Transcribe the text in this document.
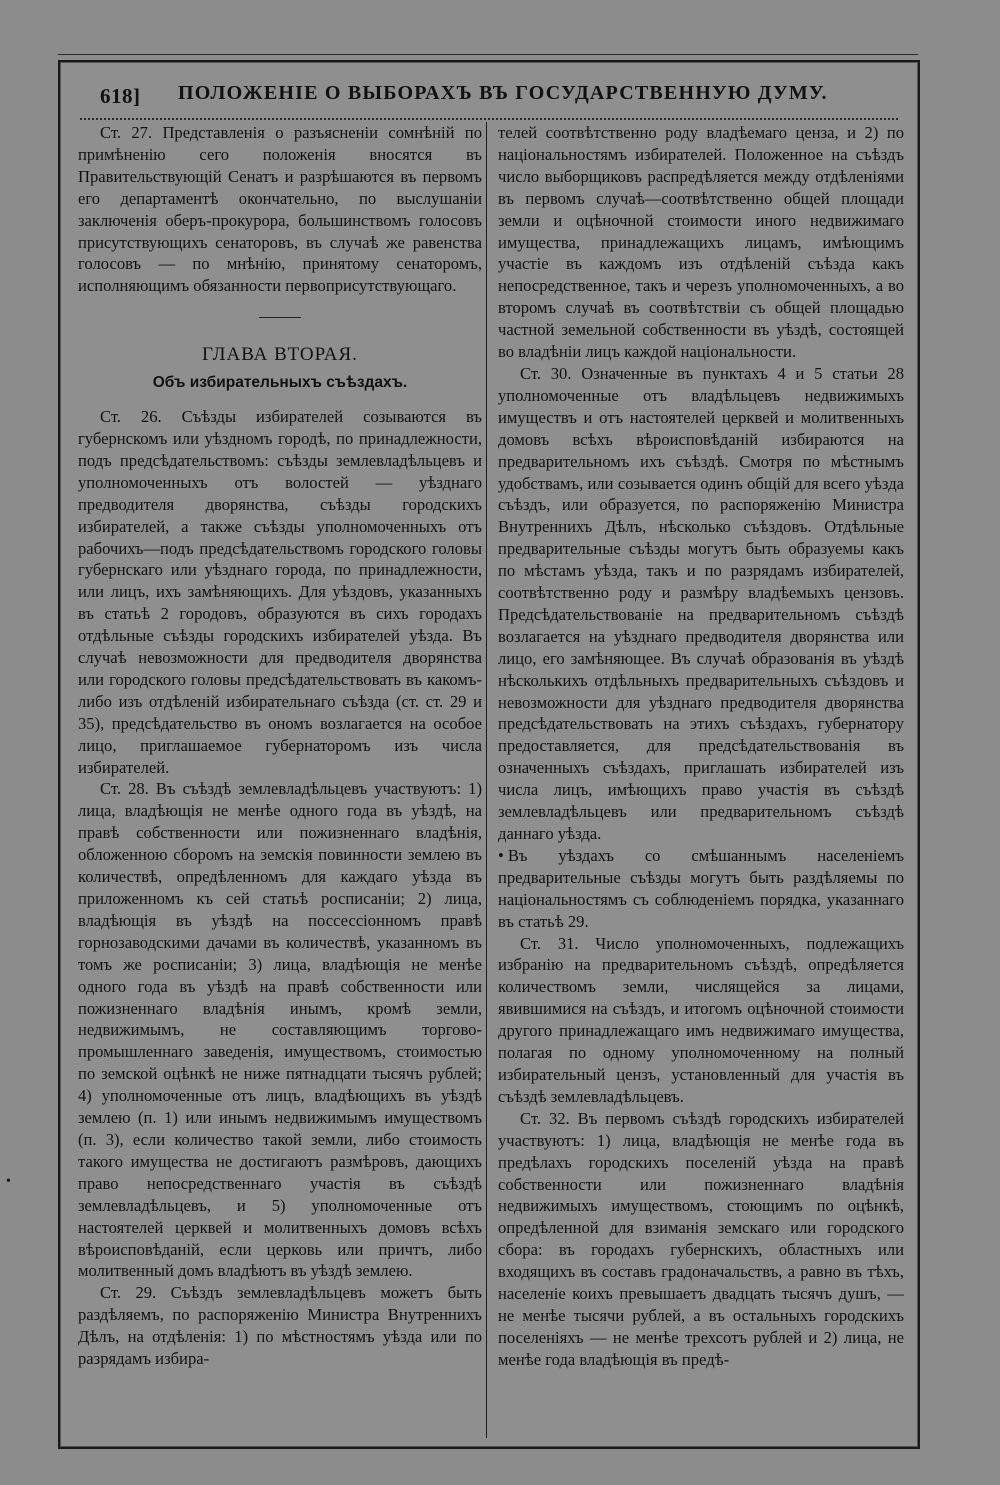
618] ПОЛОЖЕНІЕ О ВЫБОРАХЪ ВЪ ГОСУДАРСТВЕННУЮ ДУМУ.

Ст. 27. Представленія о разъясненіи сомнѣній по примѣненію сего положенія вносятся въ Правительствующій Сенатъ и разрѣшаются въ первомъ его департаментѣ окончательно, по выслушаніи заключенія оберъ-прокурора, большинствомъ голосовъ присутствующихъ сенаторовъ, въ случаѣ же равенства голосовъ — по мнѣнію, принятому сенаторомъ, исполняющимъ обязанности первоприсутствующаго.

ГЛАВА ВТОРАЯ.
Объ избирательныхъ съѣздахъ.

Ст. 26. Съѣзды избирателей созываются въ губернскомъ или уѣздномъ городѣ, по принадлежности, подъ предсѣдательствомъ: съѣзды землевладѣльцевъ и уполномоченныхъ отъ волостей — уѣзднаго предводителя дворянства, съѣзды городскихъ избирателей, а также съѣзды уполномоченныхъ отъ рабочихъ—подъ предсѣдательствомъ городского головы губернскаго или уѣзднаго города, по принадлежности, или лицъ, ихъ замѣняющихъ. Для уѣздовъ, указанныхъ въ статьѣ 2 городовъ, образуются въ сихъ городахъ отдѣльные съѣзды городскихъ избирателей уѣзда. Въ случаѣ невозможности для предводителя дворянства или городского головы предсѣдательствовать въ какомъ-либо изъ отдѣленій избирательнаго съѣзда (ст. ст. 29 и 35), предсѣдательство въ ономъ возлагается на особое лицо, приглашаемое губернаторомъ изъ числа избирателей.

Ст. 28. Въ съѣздѣ землевладѣльцевъ участвуютъ: 1) лица, владѣющія не менѣе одного года въ уѣздѣ, на правѣ собственности или пожизненнаго владѣнія, обложенною сборомъ на земскія повинности землею въ количествѣ, опредѣленномъ для каждаго уѣзда въ приложенномъ къ сей статьѣ росписаніи; 2) лица, владѣющія въ уѣздѣ на поссессіонномъ правѣ горнозаводскими дачами въ количествѣ, указанномъ въ томъ же росписаніи; 3) лица, владѣющія не менѣе одного года въ уѣздѣ на правѣ собственности или пожизненнаго владѣнія инымъ, кромѣ земли, недвижимымъ, не составляющимъ торгово-промышленнаго заведенія, имуществомъ, стоимостью по земской оцѣнкѣ не ниже пятнадцати тысячъ рублей; 4) уполномоченные отъ лицъ, владѣющихъ въ уѣздѣ землею (п. 1) или инымъ недвижимымъ имуществомъ (п. 3), если количество такой земли, либо стоимость такого имущества не достигаютъ размѣровъ, дающихъ право непосредственнаго участія въ съѣздѣ землевладѣльцевъ, и 5) уполномоченные отъ настоятелей церквей и молитвенныхъ домовъ всѣхъ вѣроисповѣданій, если церковь или причтъ, либо молитвенный домъ владѣютъ въ уѣздѣ землею.

Ст. 29. Съѣздъ землевладѣльцевъ можетъ быть раздѣляемъ, по распоряженію Министра Внутреннихъ Дѣлъ, на отдѣленія: 1) по мѣстностямъ уѣзда или по разрядамъ избира-

телей соотвѣтственно роду владѣемаго ценза, и 2) по національностямъ избирателей. Положенное на съѣздъ число выборщиковъ распредѣляется между отдѣленіями въ первомъ случаѣ—соотвѣтственно общей площади земли и оцѣночной стоимости иного недвижимаго имущества, принадлежащихъ лицамъ, имѣющимъ участіе въ каждомъ изъ отдѣленій съѣзда какъ непосредственное, такъ и черезъ уполномоченныхъ, а во второмъ случаѣ въ соотвѣтствіи съ общей площадью частной земельной собственности въ уѣздѣ, состоящей во владѣніи лицъ каждой національности.

Ст. 30. Означенные въ пунктахъ 4 и 5 статьи 28 уполномоченные отъ владѣльцевъ недвижимыхъ имуществъ и отъ настоятелей церквей и молитвенныхъ домовъ всѣхъ вѣроисповѣданій избираются на предварительномъ ихъ съѣздѣ. Смотря по мѣстнымъ удобствамъ, или созывается одинъ общій для всего уѣзда съѣздъ, или образуется, по распоряженію Министра Внутреннихъ Дѣлъ, нѣсколько съѣздовъ. Отдѣльные предварительные съѣзды могутъ быть образуемы какъ по мѣстамъ уѣзда, такъ и по разрядамъ избирателей, соотвѣтственно роду и размѣру владѣемыхъ цензовъ. Предсѣдательствованіе на предварительномъ съѣздѣ возлагается на уѣзднаго предводителя дворянства или лицо, его замѣняющее. Въ случаѣ образованія въ уѣздѣ нѣсколькихъ отдѣльныхъ предварительныхъ съѣздовъ и невозможности для уѣзднаго предводителя дворянства предсѣдательствовать на этихъ съѣздахъ, губернатору предоставляется, для предсѣдательствованія въ означенныхъ съѣздахъ, приглашать избирателей изъ числа лицъ, имѣющихъ право участія въ съѣздѣ землевладѣльцевъ или предварительномъ съѣздѣ даннаго уѣзда.

• Въ уѣздахъ со смѣшаннымъ населеніемъ предварительные съѣзды могутъ быть раздѣляемы по національностямъ съ соблюденіемъ порядка, указаннаго въ статьѣ 29.

Ст. 31. Число уполномоченныхъ, подлежащихъ избранію на предварительномъ съѣздѣ, опредѣляется количествомъ земли, числящейся за лицами, явившимися на съѣздъ, и итогомъ оцѣночной стоимости другого принадлежащаго имъ недвижимаго имущества, полагая по одному уполномоченному на полный избирательный цензъ, установленный для участія въ съѣздѣ землевладѣльцевъ.

Ст. 32. Въ первомъ съѣздѣ городскихъ избирателей участвуютъ: 1) лица, владѣющія не менѣе года въ предѣлахъ городскихъ поселеній уѣзда на правѣ собственности или пожизненнаго владѣнія недвижимыхъ имуществомъ, стоющимъ по оцѣнкѣ, опредѣленной для взиманія земскаго или городского сбора: въ городахъ губернскихъ, областныхъ или входящихъ въ составъ градоначальствъ, а равно въ тѣхъ, населеніе коихъ превышаетъ двадцать тысячъ душъ, — не менѣе тысячи рублей, а въ остальныхъ городскихъ поселеніяхъ — не менѣе трехсотъ рублей и 2) лица, не менѣе года владѣющія въ предѣ-

•
